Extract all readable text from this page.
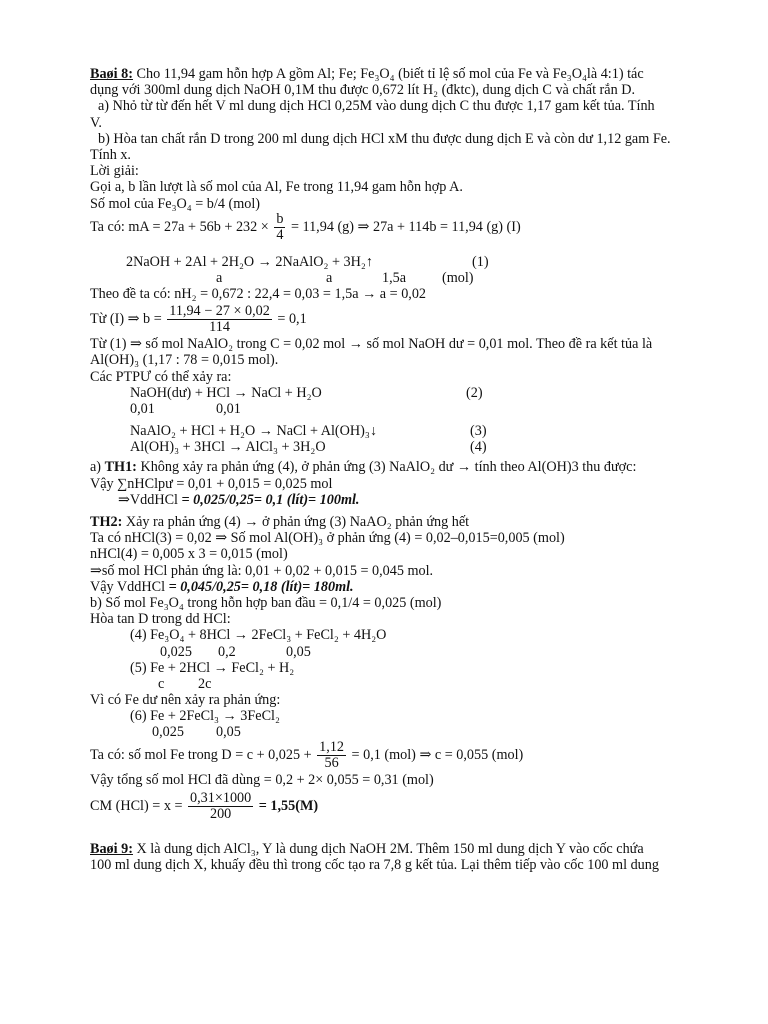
Baøi 8: Cho 11,94 gam hỗn hợp A gồm Al; Fe; Fe₃O₄ (biết tỉ lệ số mol của Fe và Fe₃O₄là 4:1) tác
dụng với 300ml dung dịch NaOH 0,1M thu được 0,672 lít H₂ (đktc), dung dịch C và chất rắn D.
a) Nhỏ từ từ đến hết V ml dung dịch HCl 0,25M vào dung dịch C thu được 1,17 gam kết tủa. Tính
V.
b) Hòa tan chất rắn D trong 200 ml dung dịch HCl xM thu được dung dịch E và còn dư 1,12 gam Fe.
Tính x.
Lời giải:
Gọi a, b lần lượt là số mol của Al, Fe trong 11,94 gam hỗn hợp A.
Số mol của Fe₃O₄ = b/4 (mol)
Ta có: mA = $27a + 56b + 232 \times \frac{b}{4} = 11,94$ (g) ⇒ 27a + 114b = 11,94 (g) (I)
2NaOH + 2Al + 2H₂O → 2NaAlO₂ + 3H₂↑	(1)
a	a	1,5a	(mol)
Theo đề ta có: nH₂ = 0,672 : 22,4 = 0,03 = 1,5a → a = 0,02
Từ (I) ⇒ $b = \frac{11,94 - 27 \times 0,02}{114} = 0,1$
Từ (1) ⇒ số mol NaAlO₂ trong C = 0,02 mol → số mol NaOH dư = 0,01 mol. Theo đề ra kết tủa là
Al(OH)₃ (1,17 : 78 = 0,015 mol).
Các PTPƯ có thể xảy ra:
NaOH(dư) + HCl → NaCl + H₂O	(2)
0,01	0,01
NaAlO₂ + HCl + H₂O → NaCl + Al(OH)₃↓	(3)
Al(OH)₃ + 3HCl → AlCl₃ + 3H₂O	(4)
a) TH1: Không xảy ra phản ứng (4), ở phản ứng (3) NaAlO₂ dư → tính theo Al(OH)3 thu được:
Vậy ∑nHClpư = 0,01 + 0,015 = 0,025 mol
⇒VddHCl = 0,025/0,25= 0,1 (lít)= 100ml.
TH2: Xảy ra phản ứng (4) → ở phản ứng (3) NaAO₂ phản ứng hết
Ta có nHCl(3) = 0,02 ⇒ Số mol Al(OH)₃ ở phản ứng (4) = 0,02–0,015=0,005 (mol)
nHCl(4) = 0,005 x 3 = 0,015 (mol)
⇒số mol HCl phản ứng là: 0,01 + 0,02 + 0,015 = 0,045 mol.
Vậy VddHCl = 0,045/0,25= 0,18 (lít)= 180ml.
b) Số mol Fe₃O₄ trong hỗn hợp ban đầu = 0,1/4 = 0,025 (mol)
Hòa tan D trong dd HCl:
(4) Fe₃O₄ + 8HCl → 2FeCl₃ + FeCl₂ + 4H₂O
0,025 0,2	0,05
(5) Fe + 2HCl → FeCl₂ + H₂
c 2c
Vì có Fe dư nên xảy ra phản ứng:
(6) Fe + 2FeCl₃ → 3FeCl₂
0,025 0,05
Ta có: số mol Fe trong $D = c + 0,025 + \frac{1,12}{56} = 0,1$ (mol) ⇒ c = 0,055 (mol)
Vậy tổng số mol HCl đã dùng = 0,2 + 2× 0,055 = 0,31 (mol)
CM $(HCl) = x = \frac{0,31\times 1000}{200} = 1,55(M)$
Baøi 9: X là dung dịch AlCl₃, Y là dung dịch NaOH 2M. Thêm 150 ml dung dịch Y vào cốc chứa
100 ml dung dịch X, khuấy đều thì trong cốc tạo ra 7,8 g kết tủa. Lại thêm tiếp vào cốc 100 ml dung
